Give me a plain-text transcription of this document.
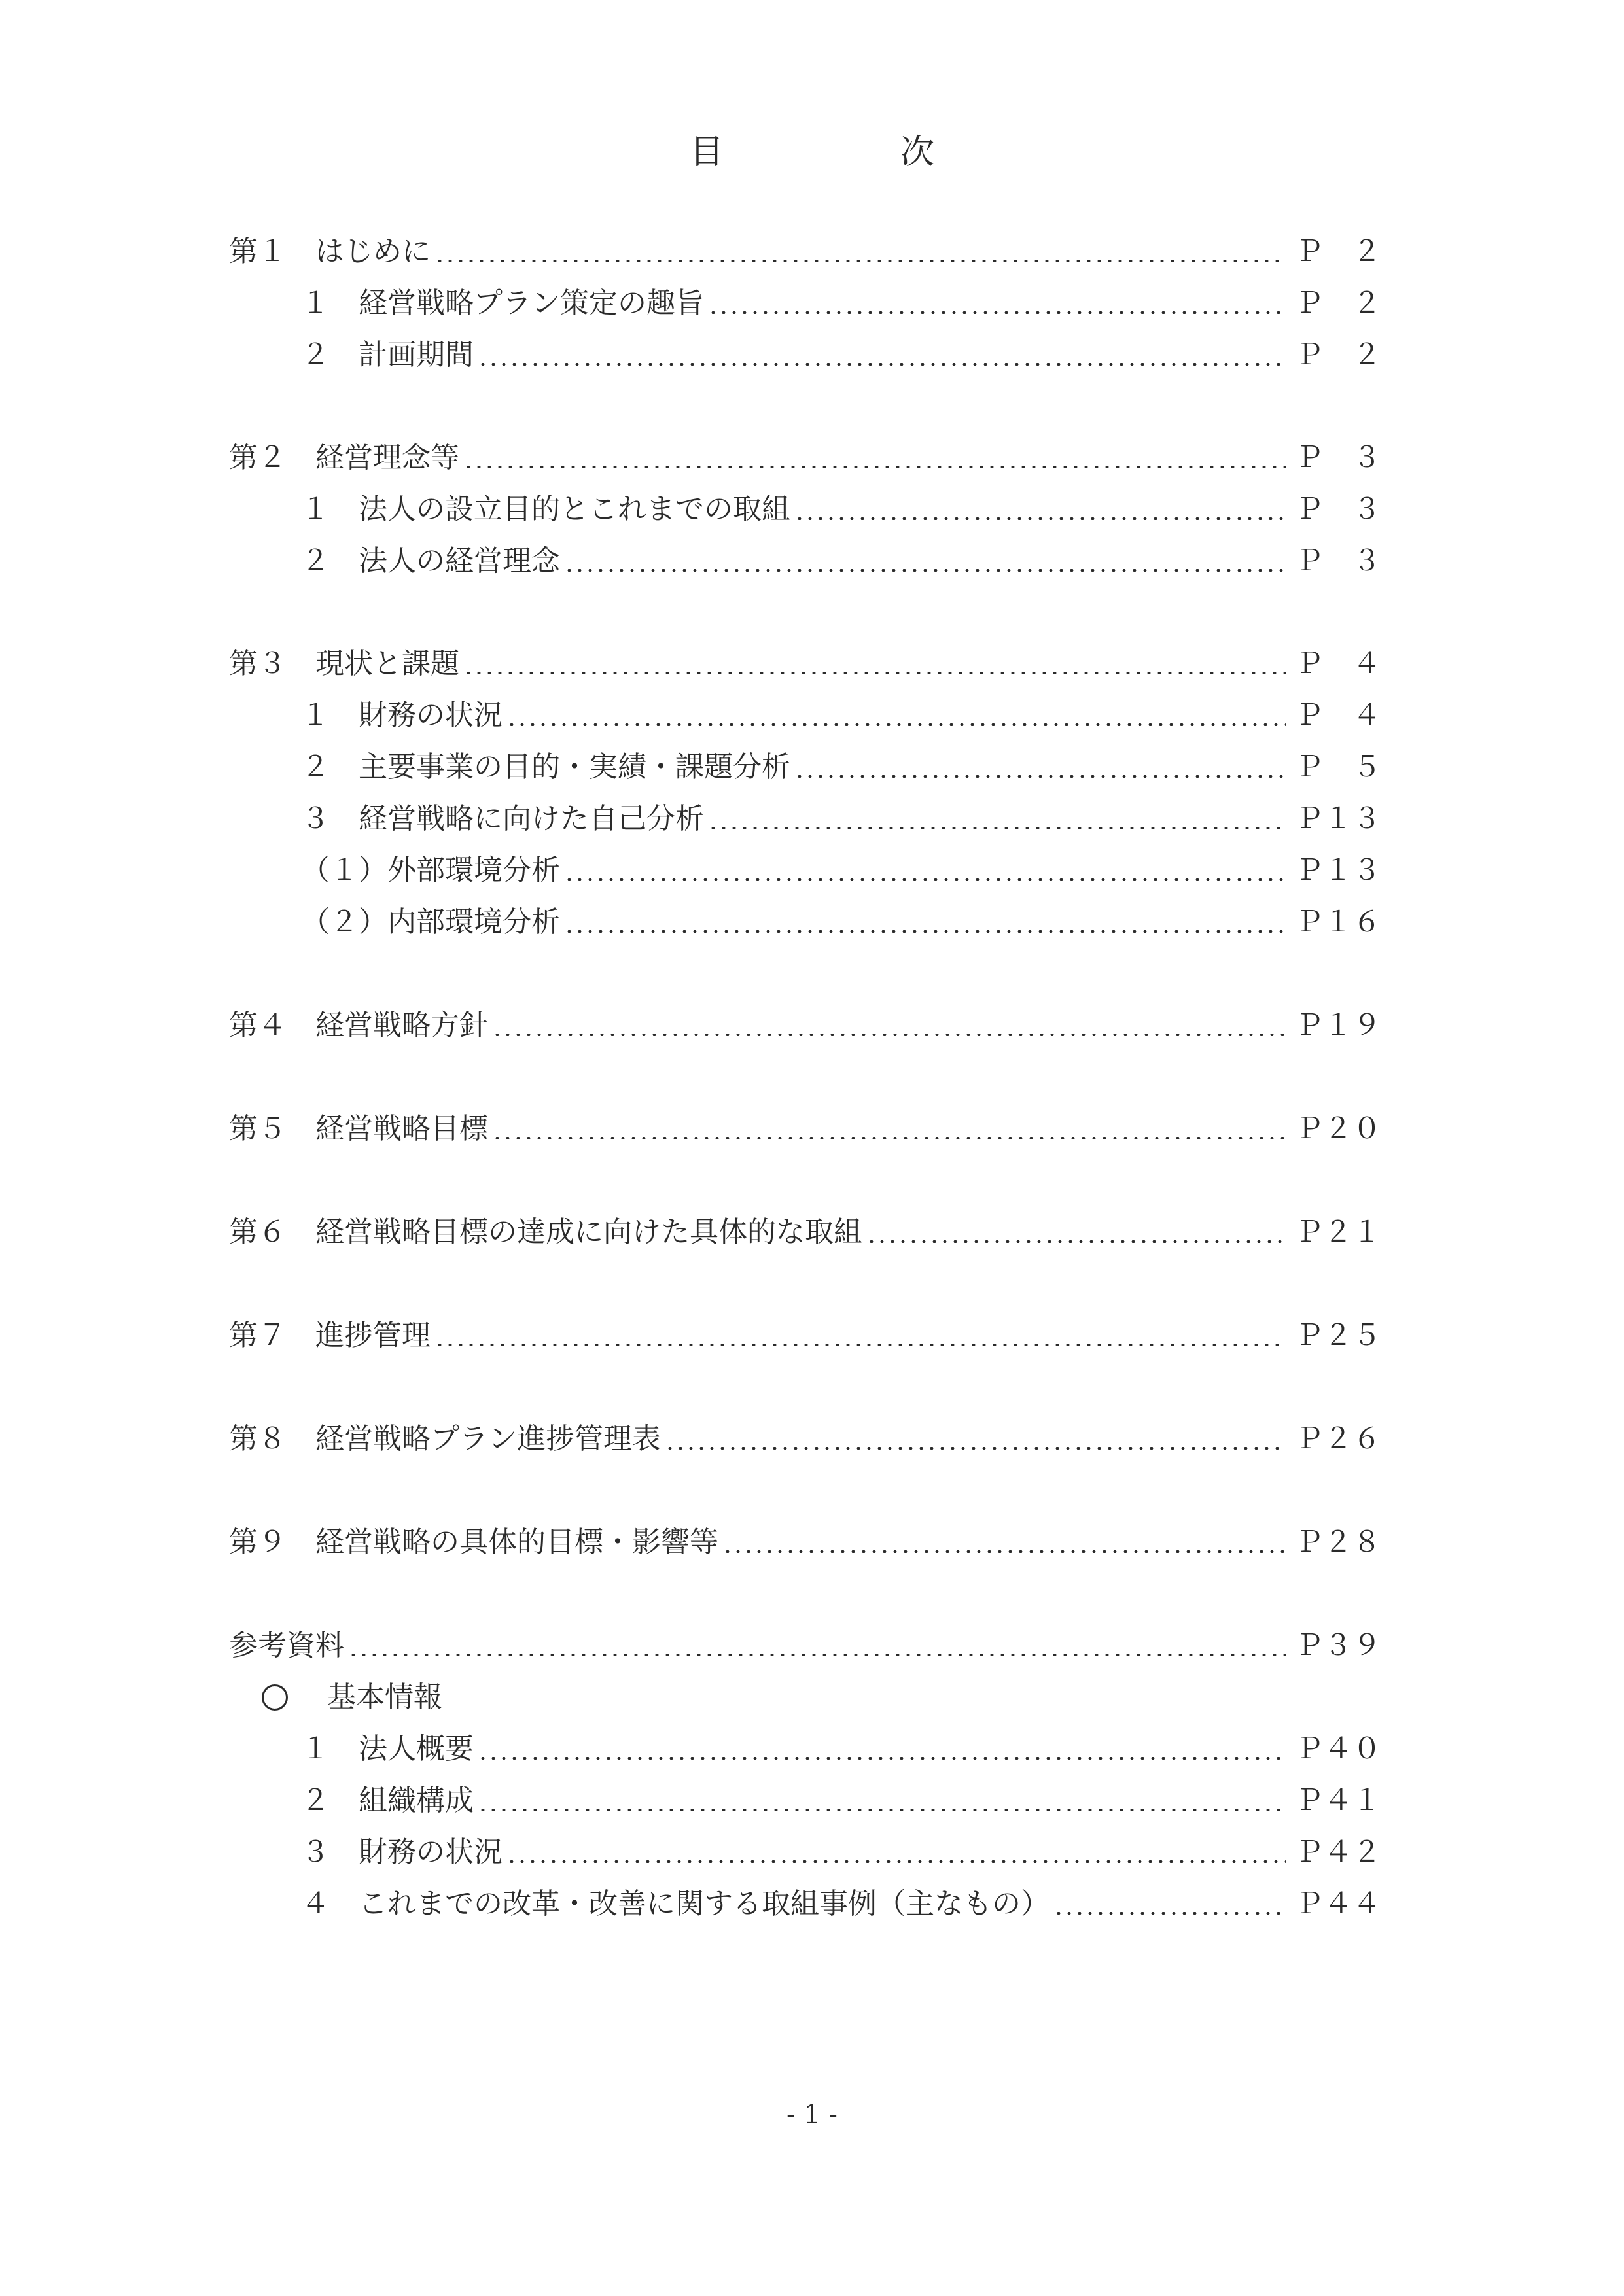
目	次
第１　はじめに	Ｐ　２
１　経営戦略プラン策定の趣旨	Ｐ　２
２　計画期間	Ｐ　２
第２　経営理念等	Ｐ　３
１　法人の設立目的とこれまでの取組	Ｐ　３
２　法人の経営理念	Ｐ　３
第３　現状と課題	Ｐ　４
１　財務の状況	Ｐ　４
２　主要事業の目的・実績・課題分析	Ｐ　５
３　経営戦略に向けた自己分析	Ｐ１３
（１）外部環境分析	Ｐ１３
（２）内部環境分析	Ｐ１６
第４　経営戦略方針	Ｐ１９
第５　経営戦略目標	Ｐ２０
第６　経営戦略目標の達成に向けた具体的な取組	Ｐ２１
第７　進捗管理	Ｐ２５
第８　経営戦略プラン進捗管理表	Ｐ２６
第９　経営戦略の具体的目標・影響等	Ｐ２８
参考資料	Ｐ３９
基本情報
１　法人概要	Ｐ４０
２　組織構成	Ｐ４１
３　財務の状況	Ｐ４２
４　これまでの改革・改善に関する取組事例（主なもの）	Ｐ４４
- 1 -
